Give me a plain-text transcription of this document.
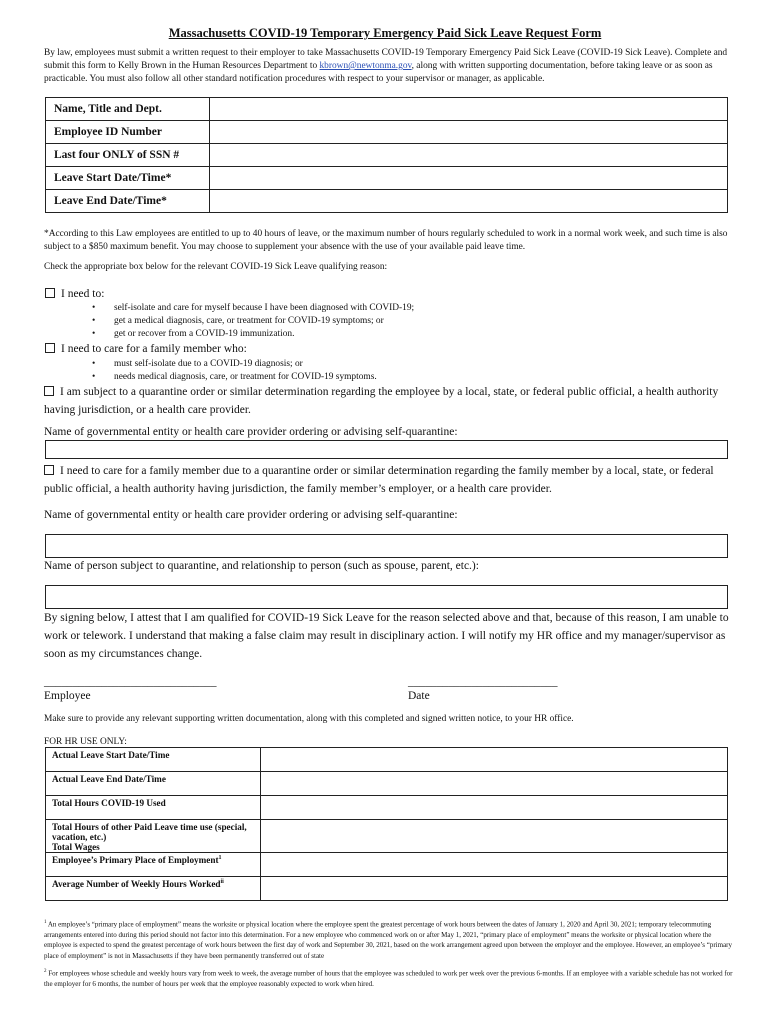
Massachusetts COVID-19 Temporary Emergency Paid Sick Leave Request Form
By law, employees must submit a written request to their employer to take Massachusetts COVID-19 Temporary Emergency Paid Sick Leave (COVID-19 Sick Leave). Complete and submit this form to Kelly Brown in the Human Resources Department to kbrown@newtonma.gov, along with written supporting documentation, before taking leave or as soon as practicable. You must also follow all other standard notification procedures with respect to your supervisor or manager, as applicable.
Name, Title and Dept.	
Employee ID Number	
Last four ONLY of SSN #	
Leave Start Date/Time*	
Leave End Date/Time*	
*According to this Law employees are entitled to up to 40 hours of leave, or the maximum number of hours regularly scheduled to work in a normal work week, and such time is also subject to a $850 maximum benefit. You may choose to supplement your absence with the use of your available paid leave time.
Check the appropriate box below for the relevant COVID-19 Sick Leave qualifying reason:
I need to:
• self-isolate and care for myself because I have been diagnosed with COVID-19;
• get a medical diagnosis, care, or treatment for COVID-19 symptoms; or
• get or recover from a COVID-19 immunization.
I need to care for a family member who:
• must self-isolate due to a COVID-19 diagnosis; or
• needs medical diagnosis, care, or treatment for COVID-19 symptoms.
I am subject to a quarantine order or similar determination regarding the employee by a local, state, or federal public official, a health authority having jurisdiction, or a health care provider.
Name of governmental entity or health care provider ordering or advising self-quarantine:
I need to care for a family member due to a quarantine order or similar determination regarding the family member by a local, state, or federal public official, a health authority having jurisdiction, the family member’s employer, or a health care provider.
Name of governmental entity or health care provider ordering or advising self-quarantine:
Name of person subject to quarantine, and relationship to person (such as spouse, parent, etc.):
By signing below, I attest that I am qualified for COVID-19 Sick Leave for the reason selected above and that, because of this reason, I am unable to work or telework. I understand that making a false claim may result in disciplinary action. I will notify my HR office and my manager/supervisor as soon as my circumstances change.
______________________________	__________________________
Employee	Date
Make sure to provide any relevant supporting written documentation, along with this completed and signed written notice, to your HR office.
FOR HR USE ONLY:
Actual Leave Start Date/Time	
Actual Leave End Date/Time	
Total Hours COVID-19 Used	
Total Hours of other Paid Leave time use (special, vacation, etc.)
Total Wages	
Employee’s Primary Place of Employment$^1$	
Average Number of Weekly Hours Worked$^{ii}$	
$^1$ An employee’s “primary place of employment” means the worksite or physical location where the employee spent the greatest percentage of work hours between the dates of January 1, 2020 and April 30, 2021; temporary telecommuting arrangements entered into during this period should not factor into this determination. For a new employee who commenced work on or after May 1, 2021, “primary place of employment” means the worksite or physical location where the employee is expected to spend the greatest percentage of work hours between the first day of work and September 30, 2021, based on the work arrangement agreed upon between the employer and the employee. However, an employee’s “primary place of employment” is not in Massachusetts if they have been permanently transferred out of state
$^2$ For employees whose schedule and weekly hours vary from week to week, the average number of hours that the employee was scheduled to work per week over the previous 6-months. If an employee with a variable schedule has not worked for the employer for 6 months, the number of hours per week that the employee reasonably expected to work when hired.
